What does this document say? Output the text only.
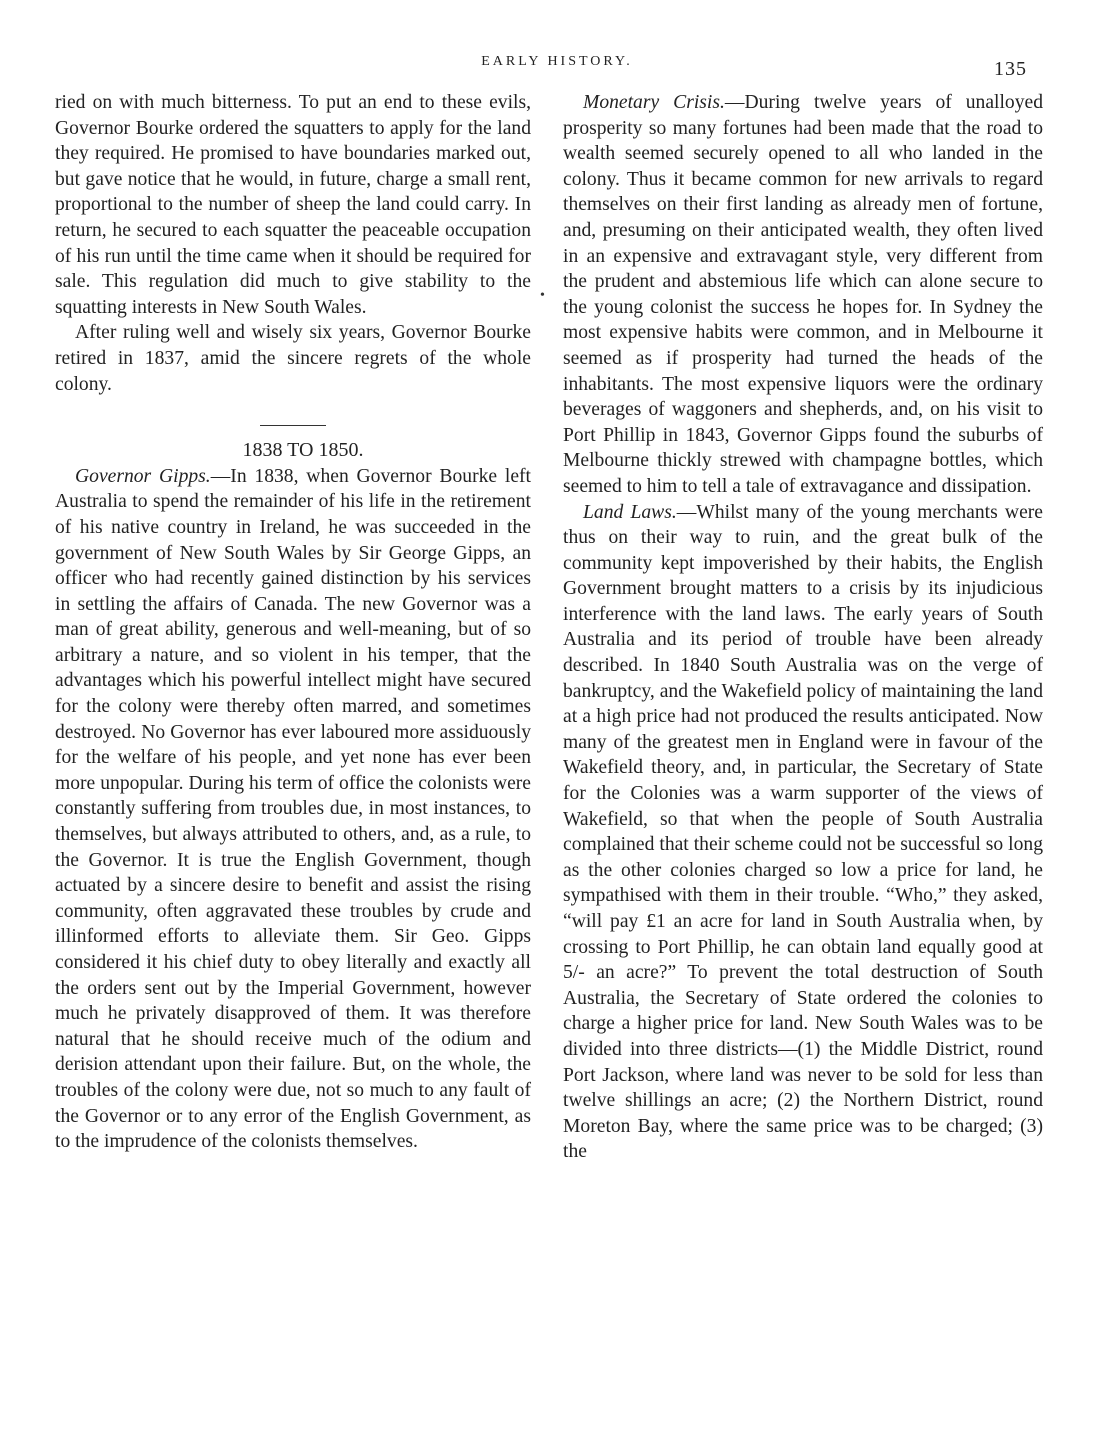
EARLY HISTORY.	135
•

ried on with much bitterness. To put an end to these evils, Governor Bourke ordered the squatters to apply for the land they required. He promised to have boundaries marked out, but gave notice that he would, in future, charge a small rent, proportional to the number of sheep the land could carry. In return, he secured to each squatter the peaceable occupation of his run until the time came when it should be required for sale. This regulation did much to give stability to the squatting interests in New South Wales.

After ruling well and wisely six years, Governor Bourke retired in 1837, amid the sincere regrets of the whole colony.

1838 TO 1850.

Governor Gipps.—In 1838, when Governor Bourke left Australia to spend the remainder of his life in the retirement of his native country in Ireland, he was succeeded in the government of New South Wales by Sir George Gipps, an officer who had recently gained distinction by his services in settling the affairs of Canada. The new Governor was a man of great ability, generous and well-meaning, but of so arbitrary a nature, and so violent in his temper, that the advantages which his powerful intellect might have secured for the colony were thereby often marred, and sometimes destroyed. No Governor has ever laboured more assiduously for the welfare of his people, and yet none has ever been more unpopular. During his term of office the colonists were constantly suffering from troubles due, in most instances, to themselves, but always attributed to others, and, as a rule, to the Governor. It is true the English Government, though actuated by a sincere desire to benefit and assist the rising community, often aggravated these troubles by crude and illinformed efforts to alleviate them. Sir Geo. Gipps considered it his chief duty to obey literally and exactly all the orders sent out by the Imperial Government, however much he privately disapproved of them. It was therefore natural that he should receive much of the odium and derision attendant upon their failure. But, on the whole, the troubles of the colony were due, not so much to any fault of the Governor or to any error of the English Government, as to the imprudence of the colonists themselves.

Monetary Crisis.—During twelve years of unalloyed prosperity so many fortunes had been made that the road to wealth seemed securely opened to all who landed in the colony. Thus it became common for new arrivals to regard themselves on their first landing as already men of fortune, and, presuming on their anticipated wealth, they often lived in an expensive and extravagant style, very different from the prudent and abstemious life which can alone secure to the young colonist the success he hopes for. In Sydney the most expensive habits were common, and in Melbourne it seemed as if prosperity had turned the heads of the inhabitants. The most expensive liquors were the ordinary beverages of waggoners and shepherds, and, on his visit to Port Phillip in 1843, Governor Gipps found the suburbs of Melbourne thickly strewed with champagne bottles, which seemed to him to tell a tale of extravagance and dissipation.

Land Laws.—Whilst many of the young merchants were thus on their way to ruin, and the great bulk of the community kept impoverished by their habits, the English Government brought matters to a crisis by its injudicious interference with the land laws. The early years of South Australia and its period of trouble have been already described. In 1840 South Australia was on the verge of bankruptcy, and the Wakefield policy of maintaining the land at a high price had not produced the results anticipated. Now many of the greatest men in England were in favour of the Wakefield theory, and, in particular, the Secretary of State for the Colonies was a warm supporter of the views of Wakefield, so that when the people of South Australia complained that their scheme could not be successful so long as the other colonies charged so low a price for land, he sympathised with them in their trouble. “Who,” they asked, “will pay £1 an acre for land in South Australia when, by crossing to Port Phillip, he can obtain land equally good at 5/- an acre?” To prevent the total destruction of South Australia, the Secretary of State ordered the colonies to charge a higher price for land. New South Wales was to be divided into three districts—(1) the Middle District, round Port Jackson, where land was never to be sold for less than twelve shillings an acre; (2) the Northern District, round Moreton Bay, where the same price was to be charged; (3) the
